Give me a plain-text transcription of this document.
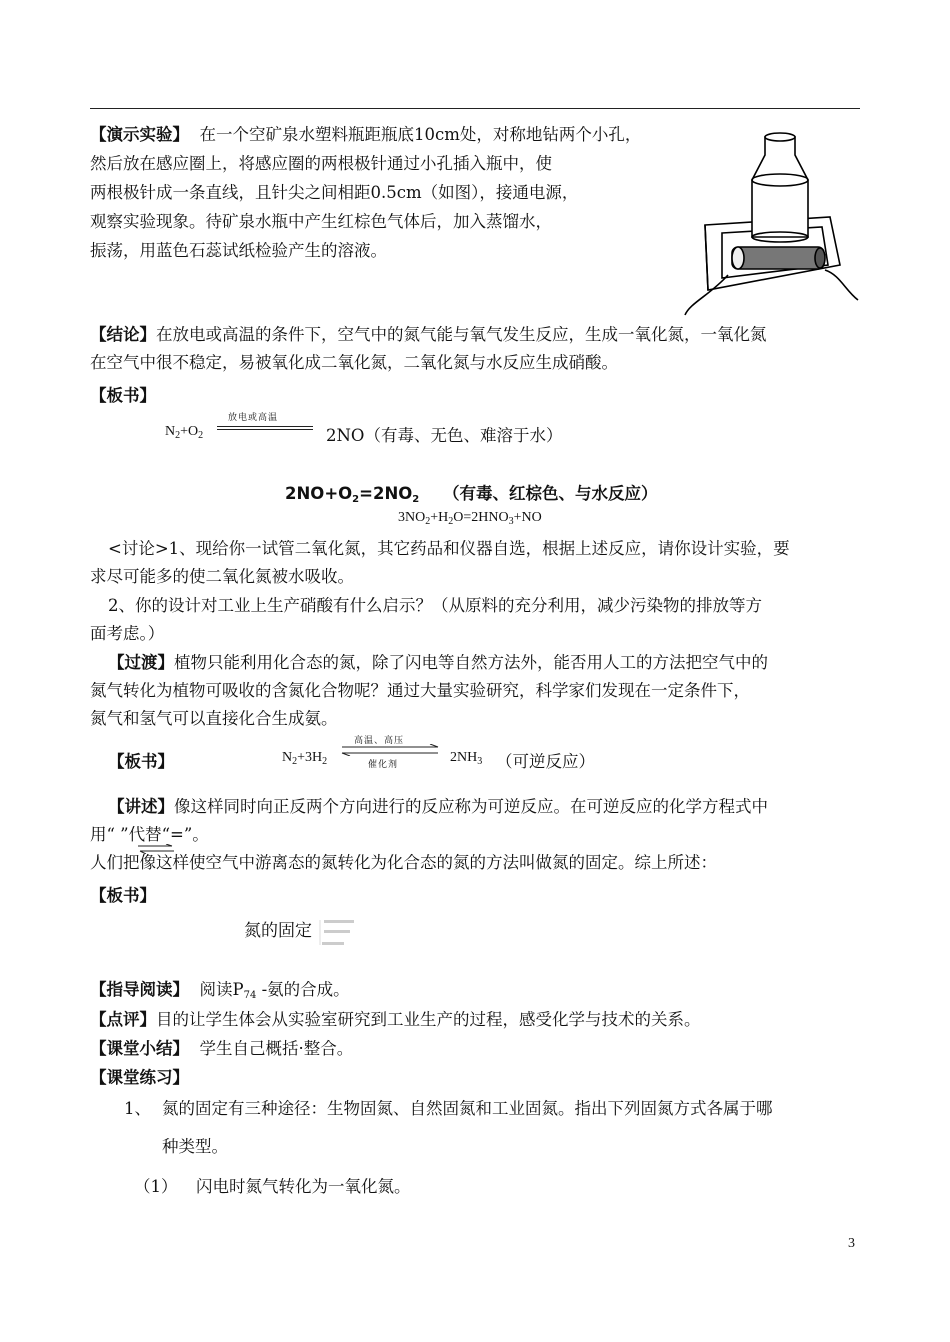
【演示实验】 在一个空矿泉水塑料瓶距瓶底10cm处，对称地钻两个小孔，
然后放在感应圈上，将感应圈的两根极针通过小孔插入瓶中，使
两根极针成一条直线，且针尖之间相距0.5cm（如图），接通电源，
观察实验现象。待矿泉水瓶中产生红棕色气体后，加入蒸馏水，
振荡，用蓝色石蕊试纸检验产生的溶液。
【结论】在放电或高温的条件下，空气中的氮气能与氧气发生反应，生成一氧化氮，一氧化氮
在空气中很不稳定，易被氧化成二氧化氮，二氧化氮与水反应生成硝酸。
【板书】
$N_2+O_2$
放电或高温
2NO（有毒、无色、难溶于水）
$2NO+O_2=2NO_2$ （有毒、红棕色、与水反应）
$3NO_2+H_2O=2HNO_3+NO$
<讨论>1、现给你一试管二氧化氮，其它药品和仪器自选，根据上述反应，请你设计实验，要
求尽可能多的使二氧化氮被水吸收。
2、你的设计对工业上生产硝酸有什么启示？（从原料的充分利用，减少污染物的排放等方
面考虑。）
【过渡】植物只能利用化合态的氮，除了闪电等自然方法外，能否用人工的方法把空气中的
氮气转化为植物可吸收的含氮化合物呢？通过大量实验研究，科学家们发现在一定条件下，
氮气和氢气可以直接化合生成氨。
【板书】	$N_2+3H_2$
高温、高压
催化剂	$2NH_3$ （可逆反应）
【讲述】像这样同时向正反两个方向进行的反应称为可逆反应。在可逆反应的化学方程式中
用“ ”代替“=”。
人们把像这样使空气中游离态的氮转化为化合态的氮的方法叫做氮的固定。综上所述：
【板书】
氮的固定
【指导阅读】 阅读$P_{74}$ -氨的合成。
【点评】目的让学生体会从实验室研究到工业生产的过程，感受化学与技术的关系。
【课堂小结】 学生自己概括·整合。
【课堂练习】
1、 氮的固定有三种途径：生物固氮、自然固氮和工业固氮。指出下列固氮方式各属于哪
种类型。
（1） 闪电时氮气转化为一氧化氮。
3
